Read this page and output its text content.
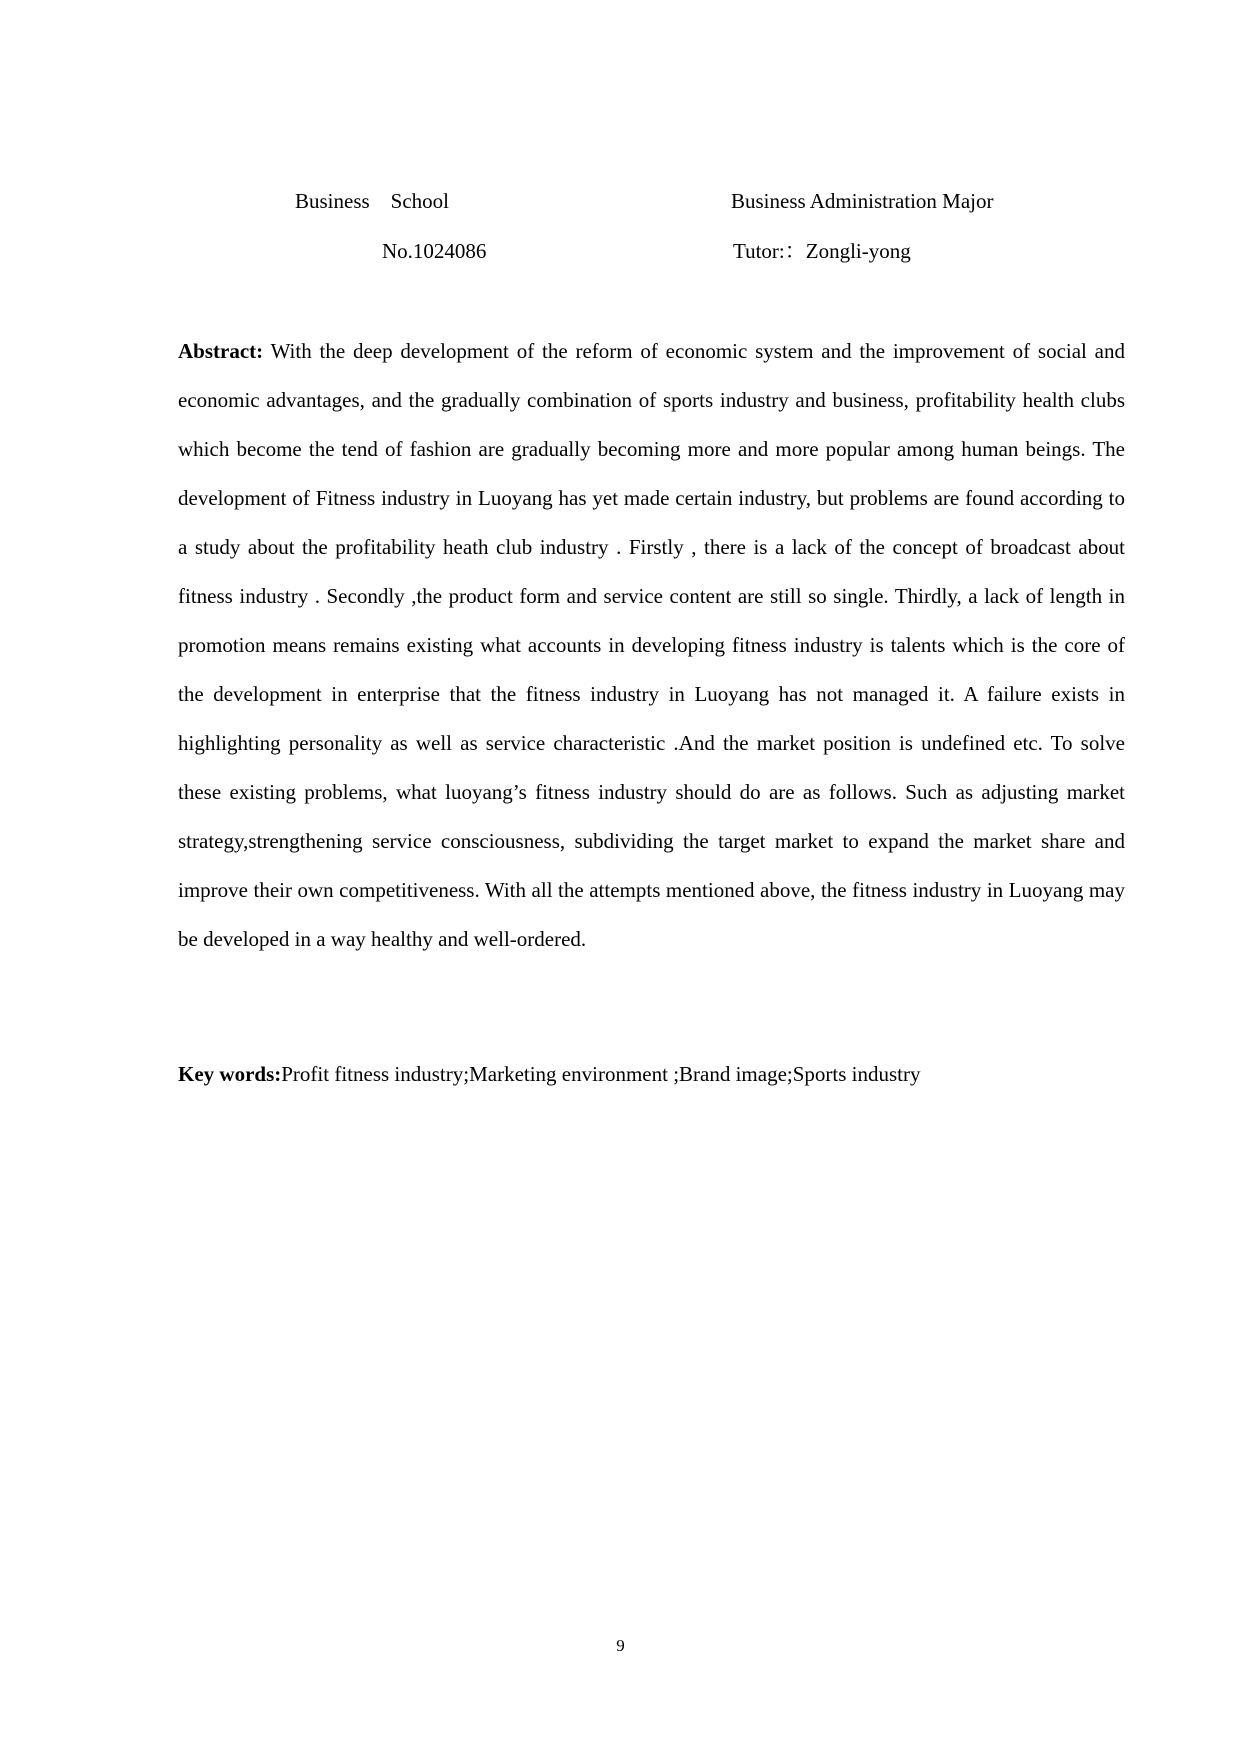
Business    School	Business Administration Major
No.1024086	Tutor:：Zongli-yong

Abstract: With the deep development of the reform of economic system and the improvement of social and economic advantages, and the gradually combination of sports industry and business, profitability health clubs which become the tend of fashion are gradually becoming more and more popular among human beings. The development of Fitness industry in Luoyang has yet made certain industry, but problems are found according to a study about the profitability heath club industry . Firstly , there is a lack of the concept of broadcast about fitness industry . Secondly ,the product form and service content are still so single. Thirdly, a lack of length in promotion means remains existing what accounts in developing fitness industry is talents which is the core of the development in enterprise that the fitness industry in Luoyang has not managed it. A failure exists in highlighting personality as well as service characteristic .And the market position is undefined etc. To solve these existing problems, what luoyang’s fitness industry should do are as follows. Such as adjusting market strategy,strengthening service consciousness, subdividing the target market to expand the market share and improve their own competitiveness. With all the attempts mentioned above, the fitness industry in Luoyang may be developed in a way healthy and well-ordered.

Key words:Profit fitness industry;Marketing environment ;Brand image;Sports industry

9
